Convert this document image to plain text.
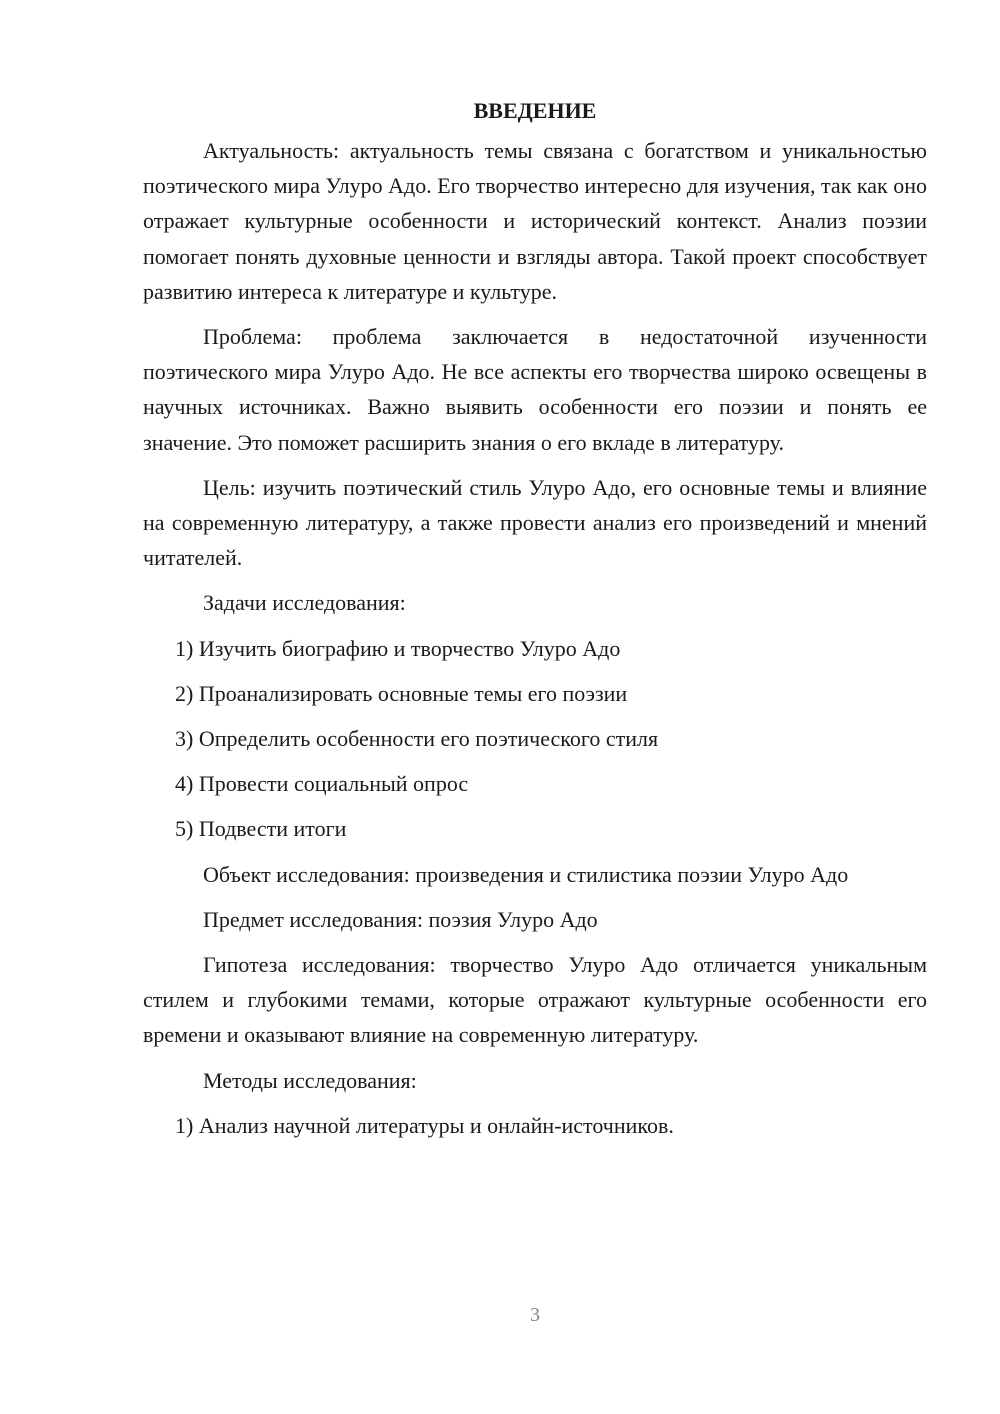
ВВЕДЕНИЕ

Актуальность: актуальность темы связана с богатством и уникальностью поэтического мира Улуро Адо. Его творчество интересно для изучения, так как оно отражает культурные особенности и исторический контекст. Анализ поэзии помогает понять духовные ценности и взгляды автора. Такой проект способствует развитию интереса к литературе и культуре.

Проблема: проблема заключается в недостаточной изученности поэтического мира Улуро Адо. Не все аспекты его творчества широко освещены в научных источниках. Важно выявить особенности его поэзии и понять ее значение. Это поможет расширить знания о его вкладе в литературу.

Цель: изучить поэтический стиль Улуро Адо, его основные темы и влияние на современную литературу, а также провести анализ его произведений и мнений читателей.

Задачи исследования:

1) Изучить биографию и творчество Улуро Адо

2) Проанализировать основные темы его поэзии

3) Определить особенности его поэтического стиля

4) Провести социальный опрос

5) Подвести итоги

Объект исследования: произведения и стилистика поэзии Улуро Адо

Предмет исследования: поэзия Улуро Адо

Гипотеза исследования: творчество Улуро Адо отличается уникальным стилем и глубокими темами, которые отражают культурные особенности его времени и оказывают влияние на современную литературу.

Методы исследования:

1) Анализ научной литературы и онлайн-источников.

3
